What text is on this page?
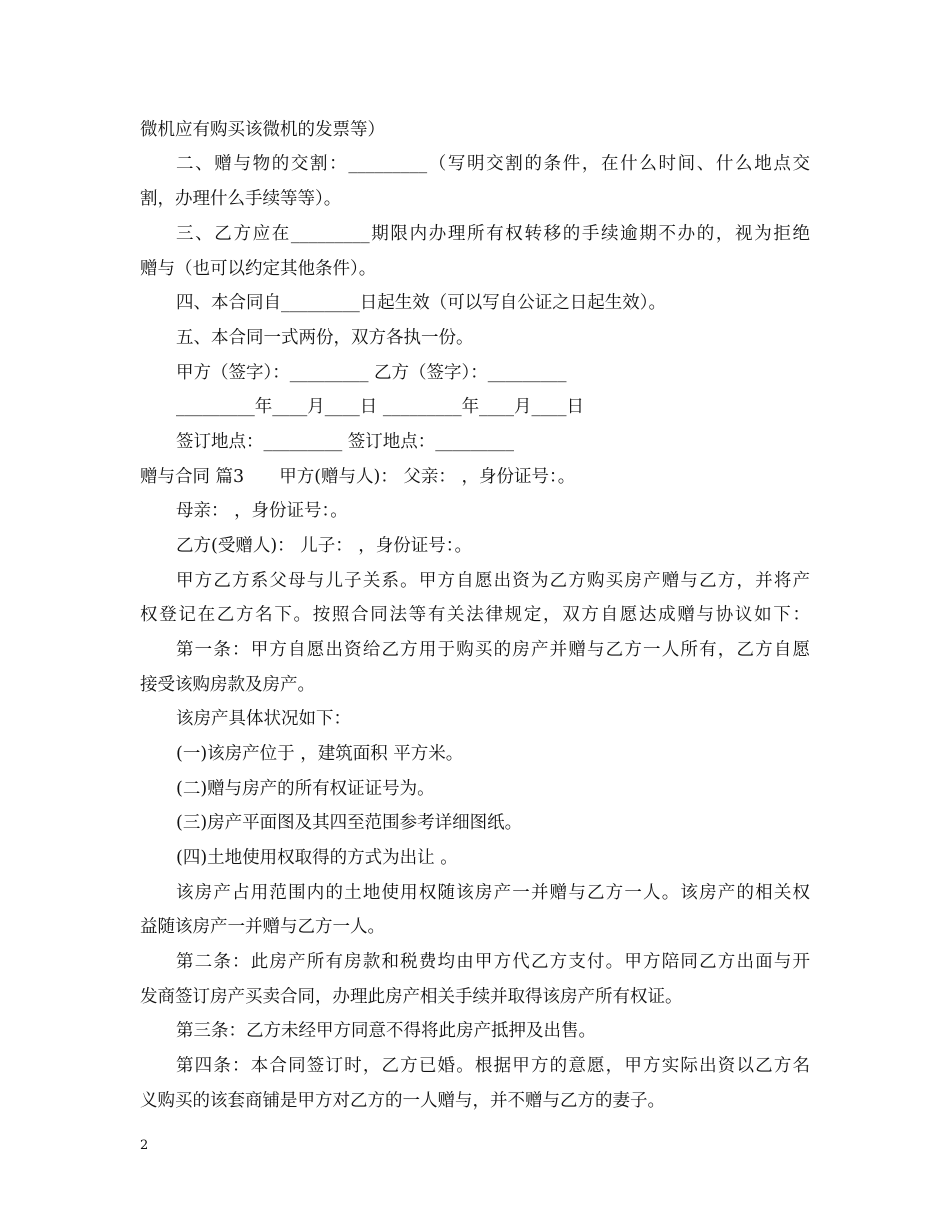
微机应有购买该微机的发票等）
二、赠与物的交割：_________（写明交割的条件，在什么时间、什么地点交
割，办理什么手续等等）。
三、乙方应在_________期限内办理所有权转移的手续逾期不办的，视为拒绝
赠与（也可以约定其他条件）。
四、本合同自_________日起生效（可以写自公证之日起生效）。
五、本合同一式两份，双方各执一份。
甲方（签字）：_________ 乙方（签字）：_________
_________年____月____日 _________年____月____日
签订地点：_________ 签订地点：_________
赠与合同 篇3　　甲方(赠与人)： 父亲： ，身份证号：。
母亲： ，身份证号：。
乙方(受赠人)： 儿子： ，身份证号：。
甲方乙方系父母与儿子关系。甲方自愿出资为乙方购买房产赠与乙方，并将产
权登记在乙方名下。按照合同法等有关法律规定，双方自愿达成赠与协议如下：
第一条：甲方自愿出资给乙方用于购买的房产并赠与乙方一人所有，乙方自愿
接受该购房款及房产。
该房产具体状况如下：
(一)该房产位于 ，建筑面积 平方米。
(二)赠与房产的所有权证证号为。
(三)房产平面图及其四至范围参考详细图纸。
(四)土地使用权取得的方式为出让 。
该房产占用范围内的土地使用权随该房产一并赠与乙方一人。该房产的相关权
益随该房产一并赠与乙方一人。
第二条：此房产所有房款和税费均由甲方代乙方支付。甲方陪同乙方出面与开
发商签订房产买卖合同，办理此房产相关手续并取得该房产所有权证。
第三条：乙方未经甲方同意不得将此房产抵押及出售。
第四条：本合同签订时，乙方已婚。根据甲方的意愿，甲方实际出资以乙方名
义购买的该套商铺是甲方对乙方的一人赠与，并不赠与乙方的妻子。
2
